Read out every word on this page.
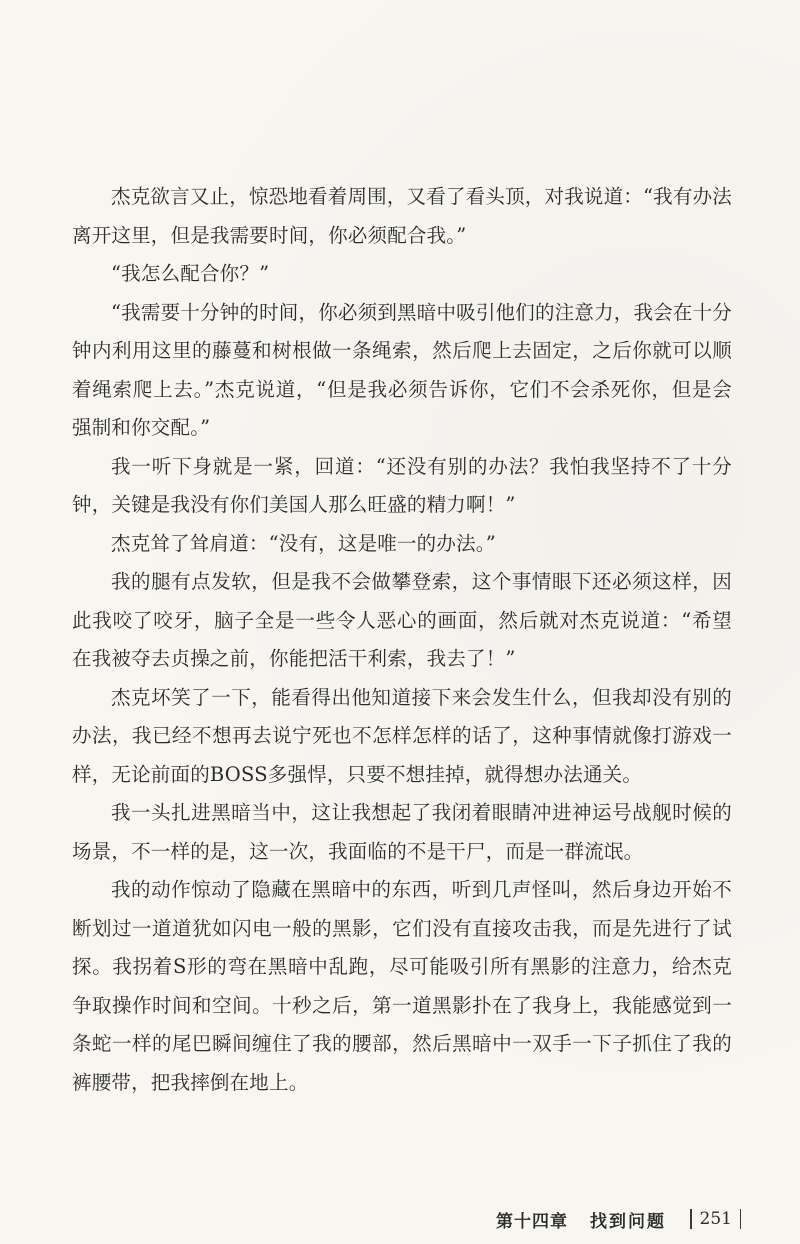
杰克欲言又止，惊恐地看着周围，又看了看头顶，对我说道：“我有办法离开这里，但是我需要时间，你必须配合我。”

“我怎么配合你？”

“我需要十分钟的时间，你必须到黑暗中吸引他们的注意力，我会在十分钟内利用这里的藤蔓和树根做一条绳索，然后爬上去固定，之后你就可以顺着绳索爬上去。”杰克说道，“但是我必须告诉你，它们不会杀死你，但是会强制和你交配。”

我一听下身就是一紧，回道：“还没有别的办法？我怕我坚持不了十分钟，关键是我没有你们美国人那么旺盛的精力啊！”

杰克耸了耸肩道：“没有，这是唯一的办法。”

我的腿有点发软，但是我不会做攀登索，这个事情眼下还必须这样，因此我咬了咬牙，脑子全是一些令人恶心的画面，然后就对杰克说道：“希望在我被夺去贞操之前，你能把活干利索，我去了！”

杰克坏笑了一下，能看得出他知道接下来会发生什么，但我却没有别的办法，我已经不想再去说宁死也不怎样怎样的话了，这种事情就像打游戏一样，无论前面的BOSS多强悍，只要不想挂掉，就得想办法通关。

我一头扎进黑暗当中，这让我想起了我闭着眼睛冲进神运号战舰时候的场景，不一样的是，这一次，我面临的不是干尸，而是一群流氓。

我的动作惊动了隐藏在黑暗中的东西，听到几声怪叫，然后身边开始不断划过一道道犹如闪电一般的黑影，它们没有直接攻击我，而是先进行了试探。我拐着S形的弯在黑暗中乱跑，尽可能吸引所有黑影的注意力，给杰克争取操作时间和空间。十秒之后，第一道黑影扑在了我身上，我能感觉到一条蛇一样的尾巴瞬间缠住了我的腰部，然后黑暗中一双手一下子抓住了我的裤腰带，把我摔倒在地上。

第十四章 找到问题 251
